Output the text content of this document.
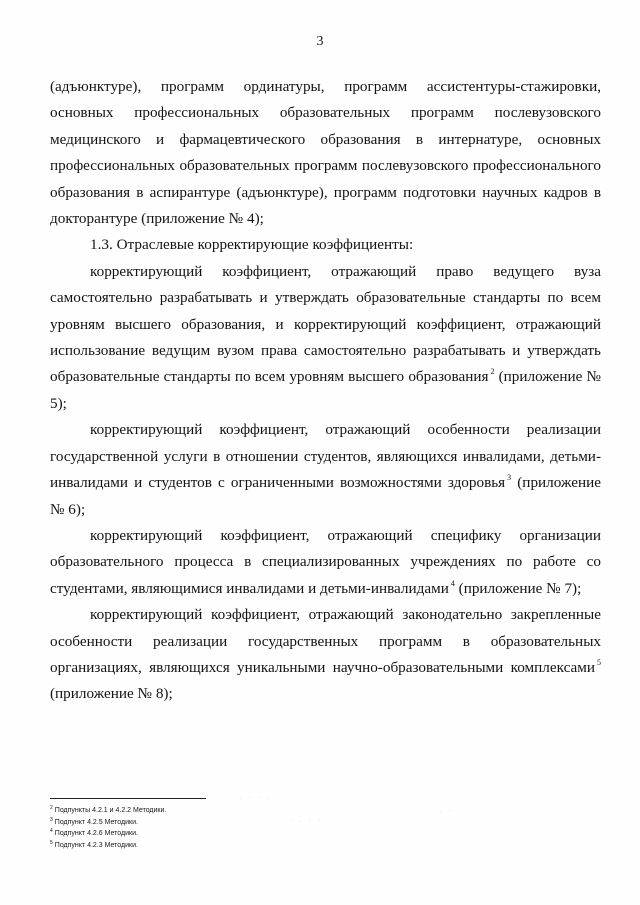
3

(адъюнктуре), программ ординатуры, программ ассистентуры-стажировки, основных профессиональных образовательных программ послевузовского медицинского и фармацевтического образования в интернатуре, основных профессиональных образовательных программ послевузовского профессионального образования в аспирантуре (адъюнктуре), программ подготовки научных кадров в докторантуре (приложение № 4);

1.3. Отраслевые корректирующие коэффициенты:

корректирующий коэффициент, отражающий право ведущего вуза самостоятельно разрабатывать и утверждать образовательные стандарты по всем уровням высшего образования, и корректирующий коэффициент, отражающий использование ведущим вузом права самостоятельно разрабатывать и утверждать образовательные стандарты по всем уровням высшего образования $^2$ (приложение № 5);

корректирующий коэффициент, отражающий особенности реализации государственной услуги в отношении студентов, являющихся инвалидами, детьми-инвалидами и студентов с ограниченными возможностями здоровья $^3$ (приложение № 6);

корректирующий коэффициент, отражающий специфику организации образовательного процесса в специализированных учреждениях по работе со студентами, являющимися инвалидами и детьми-инвалидами $^4$ (приложение № 7);

корректирующий коэффициент, отражающий законодательно закрепленные особенности реализации государственных программ в образовательных организациях, являющихся уникальными научно-образовательными комплексами $^5$ (приложение № 8);

$^2$ Подпункты 4.2.1 и 4.2.2 Методики.
$^3$ Подпункт 4.2.5 Методики.
$^4$ Подпункт 4.2.6 Методики.
$^5$ Подпункт 4.2.3 Методики.
. · · .
· . · ·
. ·
